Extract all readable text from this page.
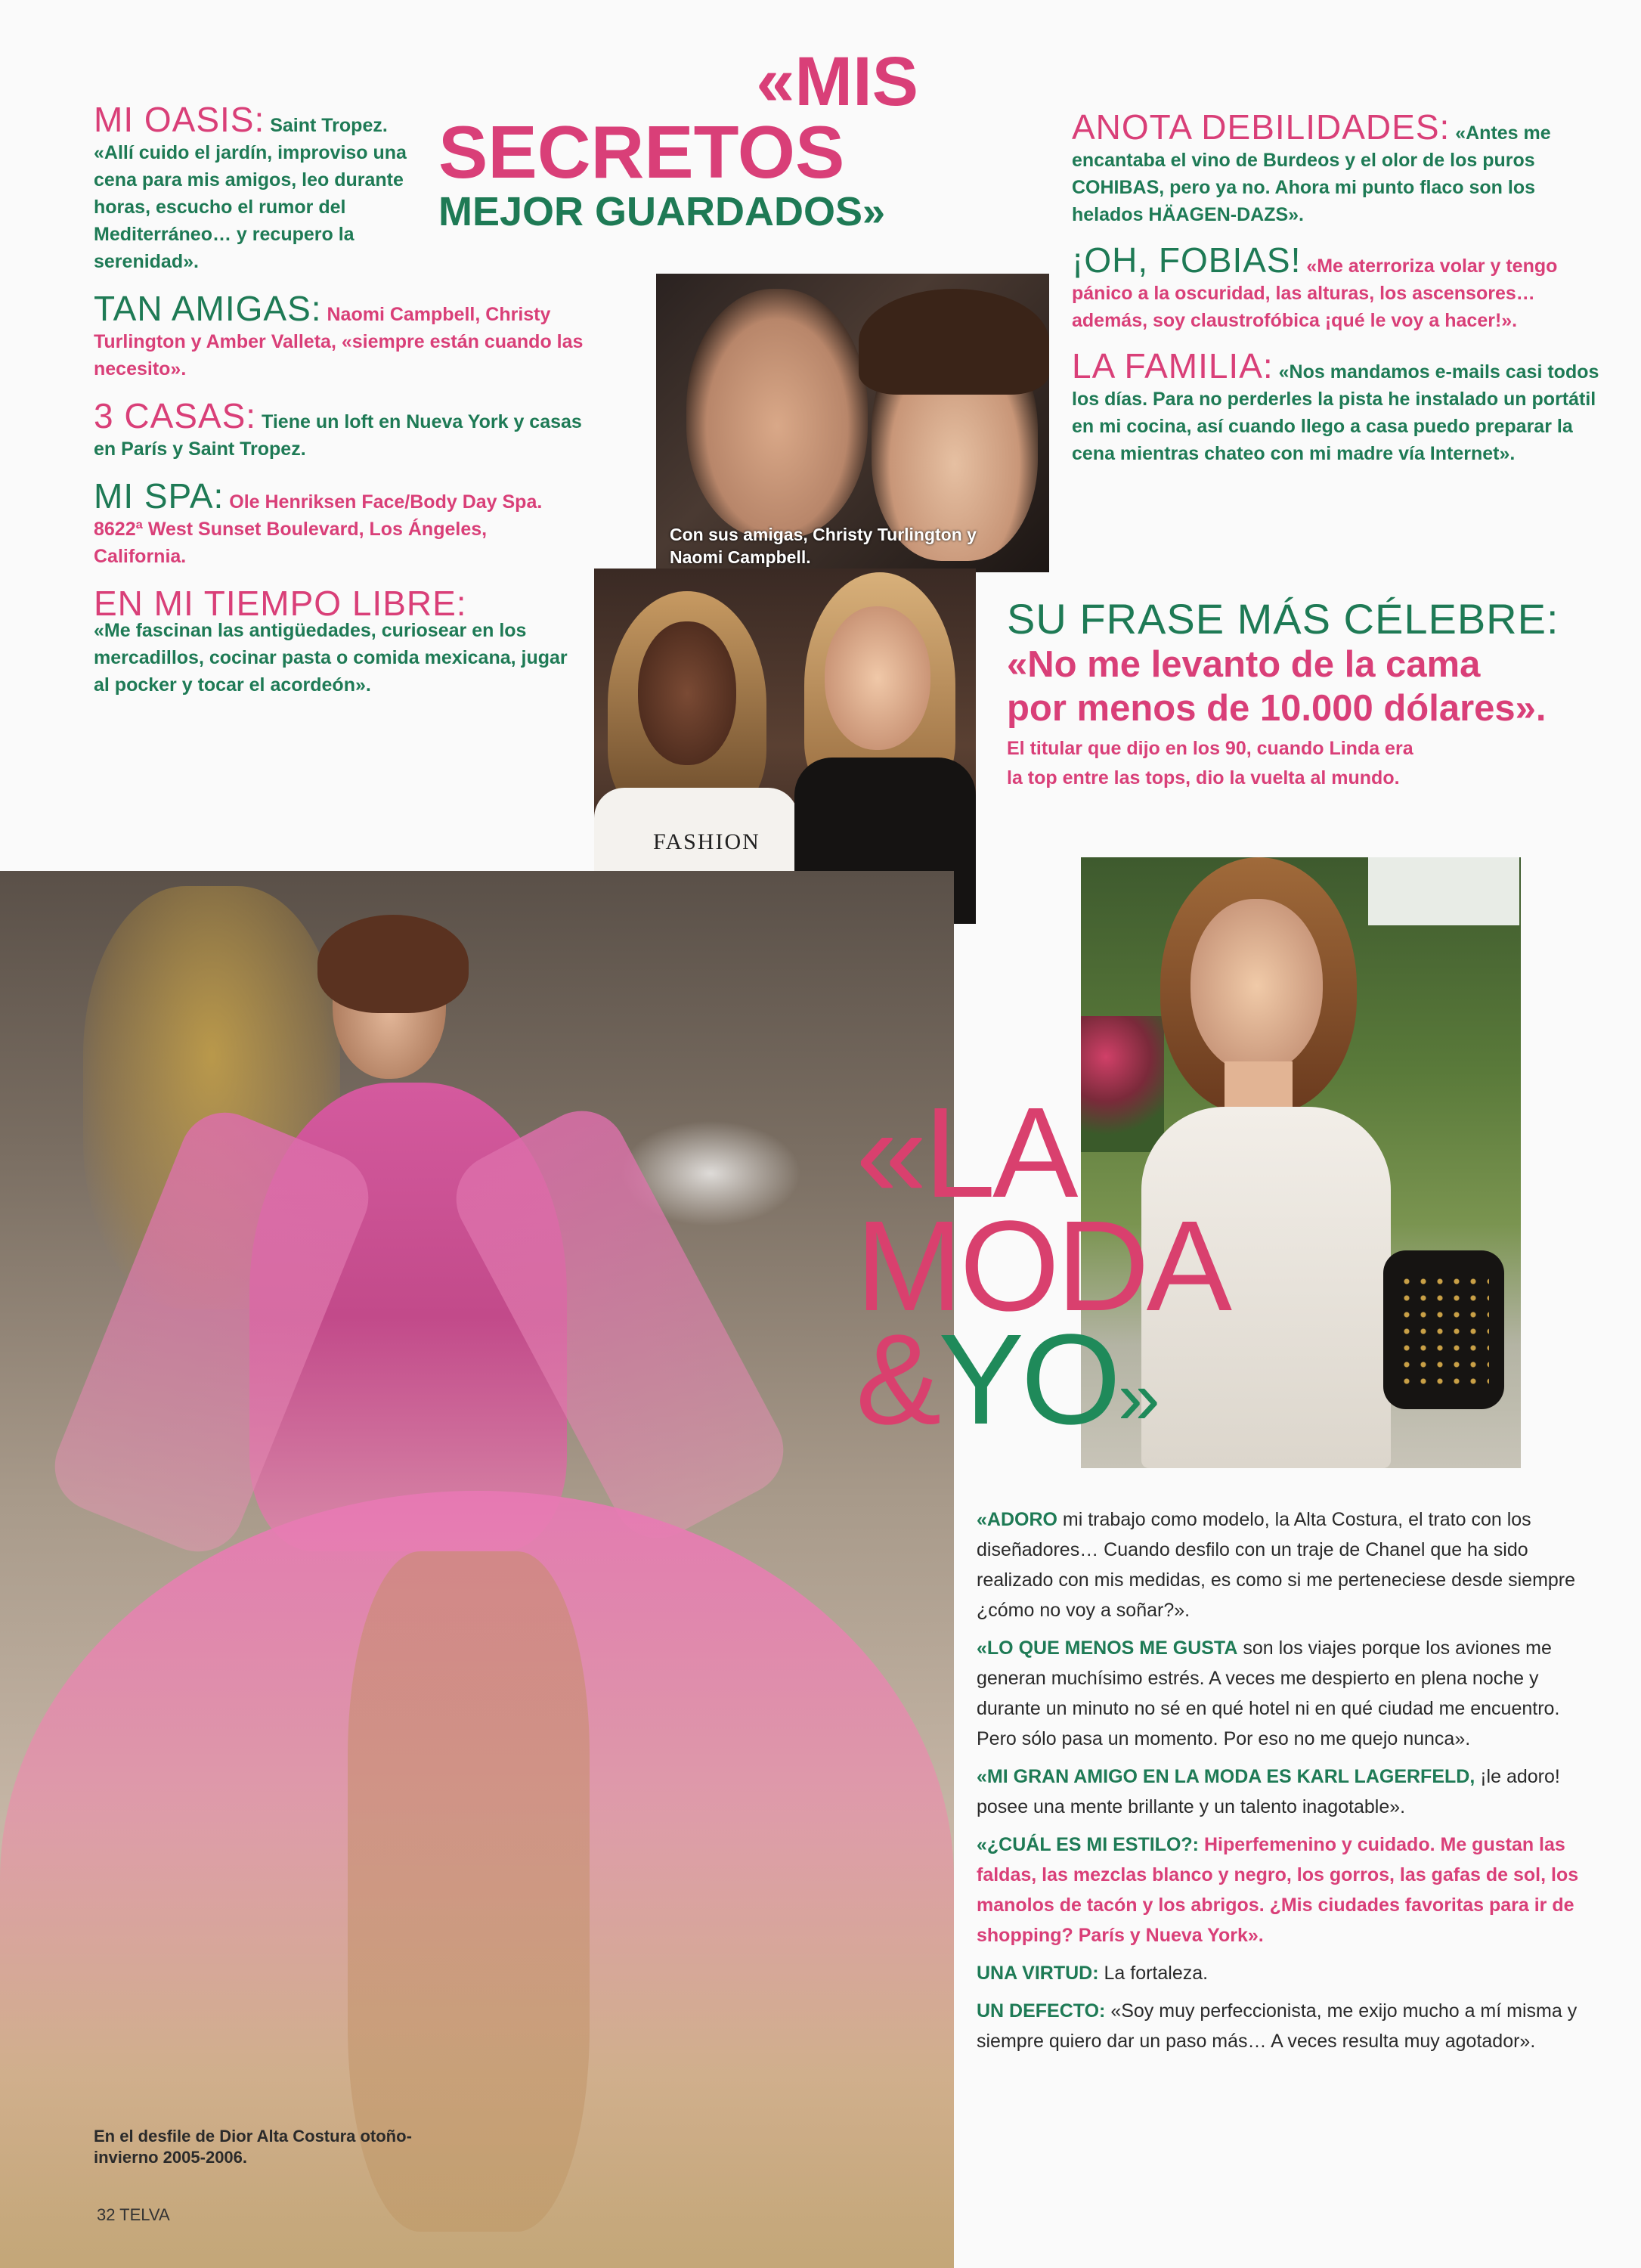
«MIS
SECRETOS
MEJOR GUARDADOS»
MI OASIS: Saint Tropez. «Allí cuido el jardín, improviso una cena para mis amigos, leo durante horas, escucho el rumor del Mediterráneo… y recupero la serenidad».
TAN AMIGAS: Naomi Campbell, Christy Turlington y Amber Valleta, «siempre están cuando las necesito».
3 CASAS: Tiene un loft en Nueva York y casas en París y Saint Tropez.
MI SPA: Ole Henriksen Face/Body Day Spa. 8622ª West Sunset Boulevard, Los Ángeles, California.
EN MI TIEMPO LIBRE:
«Me fascinan las antigüedades, curiosear en los mercadillos, cocinar pasta o comida mexicana, jugar al pocker y tocar el acordeón».
ANOTA DEBILIDADES: «Antes me encantaba el vino de Burdeos y el olor de los puros COHIBAS, pero ya no. Ahora mi punto flaco son los helados HÄAGEN-DAZS».
¡OH, FOBIAS! «Me aterroriza volar y tengo pánico a la oscuridad, las alturas, los ascensores… además, soy claustrofóbica ¡qué le voy a hacer!».
LA FAMILIA: «Nos mandamos e-mails casi todos los días. Para no perderles la pista he instalado un portátil en mi cocina, así cuando llego a casa puedo preparar la cena mientras chateo con mi madre vía Internet».
SU FRASE MÁS CÉLEBRE:
«No me levanto de la cama
por menos de 10.000 dólares».
El titular que dijo en los 90, cuando Linda era
la top entre las tops, dio la vuelta al mundo.
Con sus amigas, Christy Turlington y Naomi Campbell.
FASHION
En el desfile de Dior Alta Costura otoño-invierno 2005-2006.
32 TELVA
«LA
MODA
&YO»

«ADORO mi trabajo como modelo, la Alta Costura, el trato con los diseñadores… Cuando desfilo con un traje de Chanel que ha sido realizado con mis medidas, es como si me perteneciese desde siempre ¿cómo no voy a soñar?».

«LO QUE MENOS ME GUSTA son los viajes porque los aviones me generan muchísimo estrés. A veces me despierto en plena noche y durante un minuto no sé en qué hotel ni en qué ciudad me encuentro. Pero sólo pasa un momento. Por eso no me quejo nunca».

«MI GRAN AMIGO EN LA MODA ES KARL LAGERFELD, ¡le adoro! posee una mente brillante y un talento inagotable».

«¿CUÁL ES MI ESTILO?: Hiperfemenino y cuidado. Me gustan las faldas, las mezclas blanco y negro, los gorros, las gafas de sol, los manolos de tacón y los abrigos. ¿Mis ciudades favoritas para ir de shopping? París y Nueva York».

UNA VIRTUD: La fortaleza.

UN DEFECTO: «Soy muy perfeccionista, me exijo mucho a mí misma y siempre quiero dar un paso más… A veces resulta muy agotador».
